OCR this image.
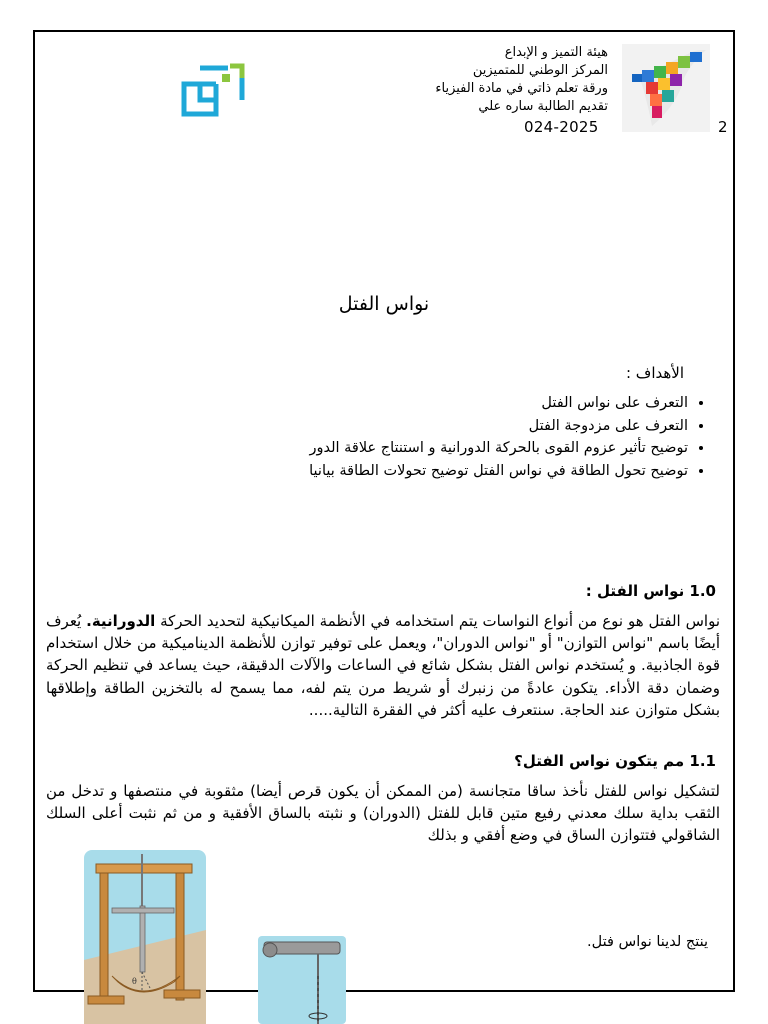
هيئة التميز و الإبداع
المركز الوطني للمتميزين
ورقة تعلم ذاتي في مادة الفيزياء
تقديم الطالبة ساره علي
024-2025	2
نواس الفتل
الأهداف :
• التعرف على نواس الفتل
• التعرف على مزدوجة الفتل
• توضيح تأثير عزوم القوى بالحركة الدورانية و استنتاج علاقة الدور
• توضيح تحول الطاقة في نواس الفتل توضيح تحولات الطاقة بيانيا
1.0 نواس الفتل :
نواس الفتل هو نوع من أنواع النواسات يتم استخدامه في الأنظمة الميكانيكية لتحديد الحركة الدورانية. يُعرف أيضًا باسم "نواس التوازن" أو "نواس الدوران"، ويعمل على توفير توازن للأنظمة الديناميكية من خلال استخدام قوة الجاذبية. و يُستخدم نواس الفتل بشكل شائع في الساعات والآلات الدقيقة، حيث يساعد في تنظيم الحركة وضمان دقة الأداء. يتكون عادةً من زنبرك أو شريط مرن يتم لفه، مما يسمح له بالتخزين الطاقة وإطلاقها بشكل متوازن عند الحاجة. سنتعرف عليه أكثر في الفقرة التالية.....
1.1 مم يتكون نواس الفتل؟
لتشكيل نواس للفتل نأخذ ساقا متجانسة (من الممكن أن يكون قرص أيضا) مثقوبة في منتصفها و تدخل من الثقب بداية سلك معدني رفيع متين قابل للفتل (الدوران) و نثبته بالساق الأفقية و من ثم نثبت أعلى السلك الشاقولي فتتوازن الساق في وضع أفقي و بذلك
θ
ينتج لدينا نواس فتل.
